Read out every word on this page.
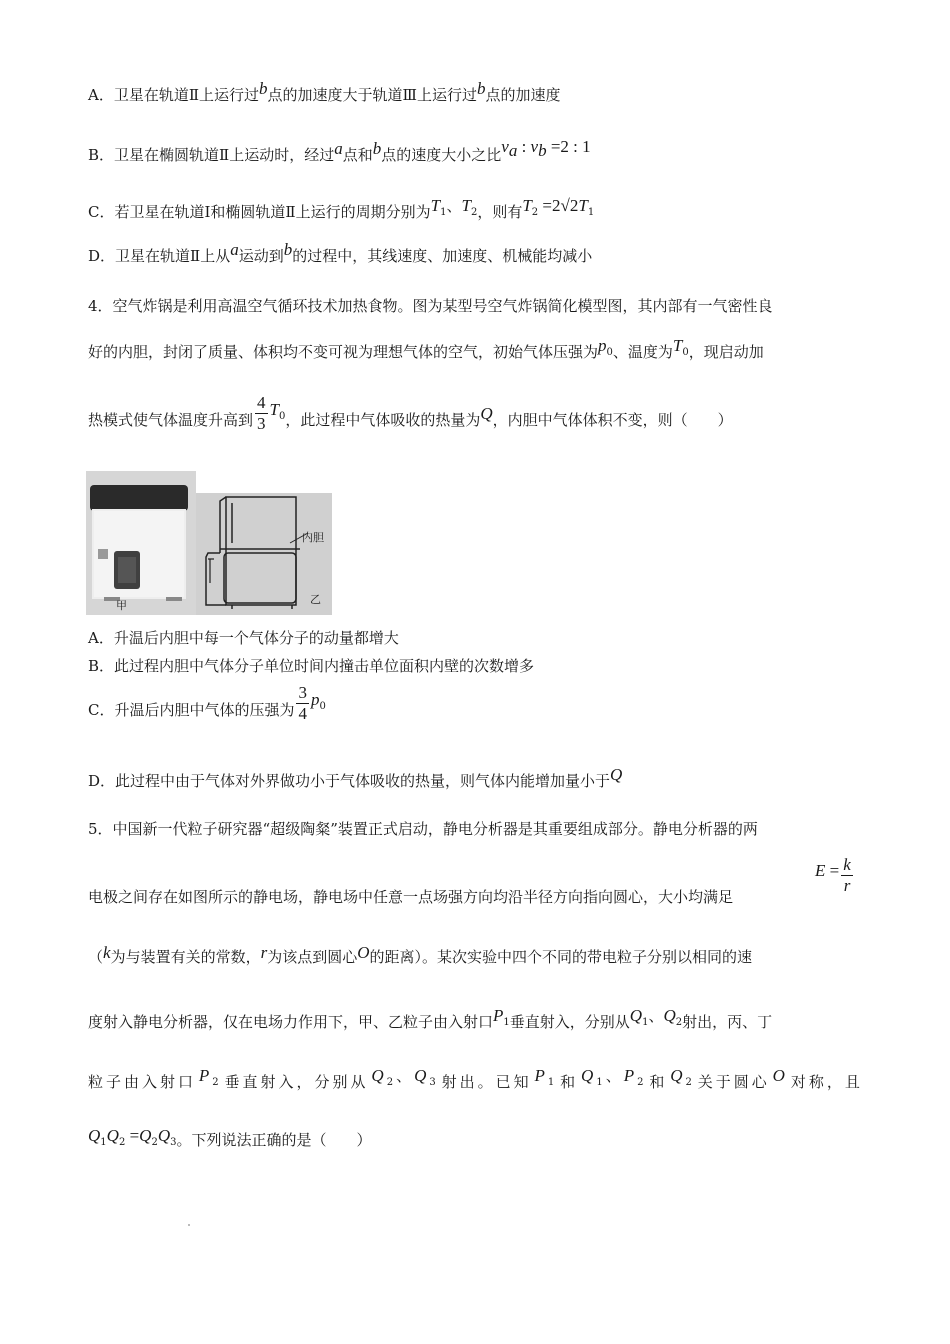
A．卫星在轨道Ⅱ上运行过b点的加速度大于轨道Ⅲ上运行过b点的加速度
B．卫星在椭圆轨道Ⅱ上运动时，经过a点和b点的速度大小之比$v_a$ : $v_b =2$ : 1
C．若卫星在轨道Ⅰ和椭圆轨道Ⅱ上运行的周期分别为$T_1$、$T_2$，则有$T_2 =2√2T_1$
D．卫星在轨道Ⅱ上从a运动到b的过程中，其线速度、加速度、机械能均减小
4．空气炸锅是利用高温空气循环技术加热食物。图为某型号空气炸锅简化模型图，其内部有一气密性良
好的内胆，封闭了质量、体积均不变可视为理想气体的空气，初始气体压强为$p_0$、温度为$T_0$，现启动加
热模式使气体温度升高到 $\frac{4}{3} T_0$，此过程中气体吸收的热量为Q，内胆中气体体积不变，则（　　）
甲
内胆
乙
A．升温后内胆中每一个气体分子的动量都增大
B．此过程内胆中气体分子单位时间内撞击单位面积内壁的次数增多
C．升温后内胆中气体的压强为 $\frac{3}{4} p_0$
D．此过程中由于气体对外界做功小于气体吸收的热量，则气体内能增加量小于Q
5．中国新一代粒子研究器“超级陶粲”装置正式启动，静电分析器是其重要组成部分。静电分析器的两
电极之间存在如图所示的静电场，静电场中任意一点场强方向均沿半径方向指向圆心，大小均满足
$E = \frac{k}{r}$
（k为与装置有关的常数，r为该点到圆心O的距离）。某次实验中四个不同的带电粒子分别以相同的速
度射入静电分析器，仅在电场力作用下，甲、乙粒子由入射口$P_1$垂直射入，分别从$Q_1$、$Q_2$射出，丙、丁
粒子由入射口 $P_2$ 垂直射入，分别从 $Q_2$、$Q_3$ 射出。已知 $P_1$ 和 $Q_1$、$P_2$ 和 $Q_2$ 关于圆心 O 对称，且
$Q_1Q_2 =Q_2Q_3$。下列说法正确的是（　　）
